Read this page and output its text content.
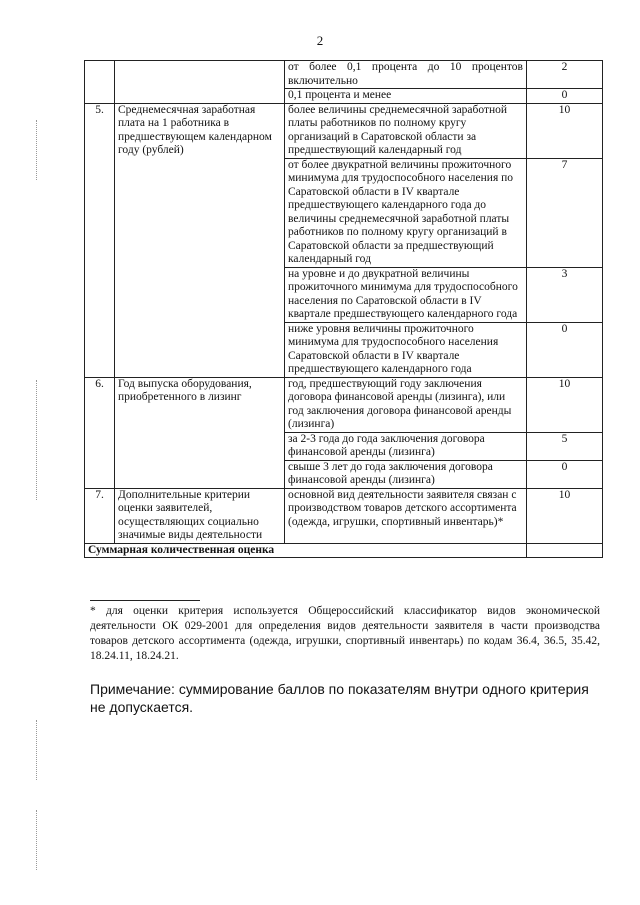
2
		от более 0,1 процента до 10 процентов включительно	2
		0,1 процента и менее	0
5.	Среднемесячная заработная плата на 1 работника в предшествующем календарном году (рублей)	более величины среднемесячной заработной платы работников по полному кругу организаций в Саратовской области за предшествующий календарный год	10
		от более двукратной величины прожиточного минимума для трудоспособного населения по Саратовской области в IV квартале предшествующего календарного года до величины среднемесячной заработной платы работников по полному кругу организаций в Саратовской области за предшествующий календарный год	7
		на уровне и до двукратной величины прожиточного минимума для трудоспособного населения по Саратовской области в IV квартале предшествующего календарного года	3
		ниже уровня величины прожиточного минимума для трудоспособного населения Саратовской области в IV квартале предшествующего календарного года	0
6.	Год выпуска оборудования, приобретенного в лизинг	год, предшествующий году заключения договора финансовой аренды (лизинга), или год заключения договора финансовой аренды (лизинга)	10
		за 2-3 года до года заключения договора финансовой аренды (лизинга)	5
		свыше 3 лет до года заключения договора финансовой аренды (лизинга)	0
7.	Дополнительные критерии оценки заявителей, осуществляющих социально значимые виды деятельности	основной вид деятельности заявителя связан с производством товаров детского ассортимента (одежда, игрушки, спортивный инвентарь)*	10
Суммарная количественная оценка			
* для оценки критерия используется Общероссийский классификатор видов экономической деятельности ОК 029-2001 для определения видов деятельности заявителя в части производства товаров детского ассортимента (одежда, игрушки, спортивный инвентарь) по кодам 36.4, 36.5, 35.42, 18.24.11, 18.24.21.
Примечание: суммирование баллов по показателям внутри одного критерия не допускается.
